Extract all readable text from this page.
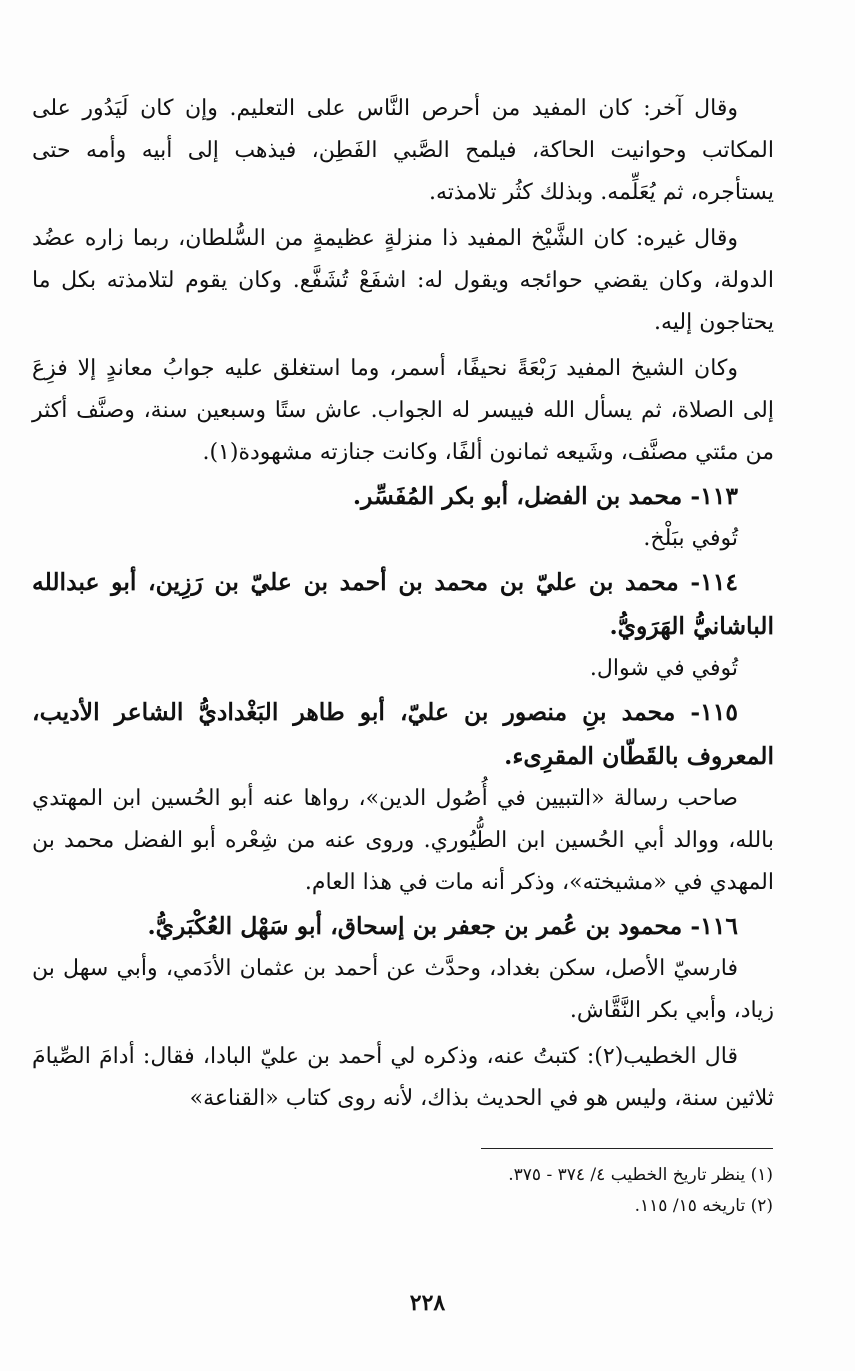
وقال آخر: كان المفيد من أحرص النَّاس على التعليم. وإن كان لَيَدُور على المكاتب وحوانيت الحاكة، فيلمح الصَّبي الفَطِن، فيذهب إلى أبيه وأمه حتى يستأجره، ثم يُعَلِّمه. وبذلك كثُر تلامذته.

وقال غيره: كان الشَّيْخ المفيد ذا منزلةٍ عظيمةٍ من السُّلطان، ربما زاره عضُد الدولة، وكان يقضي حوائجه ويقول له: اشفَعْ تُشَفَّع. وكان يقوم لتلامذته بكل ما يحتاجون إليه.

وكان الشيخ المفيد رَبْعَةً نحيفًا، أسمر، وما استغلق عليه جوابُ معاندٍ إلا فزِعَ إلى الصلاة، ثم يسأل الله فييسر له الجواب. عاش ستًا وسبعين سنة، وصنَّف أكثر من مئتي مصنَّف، وشَيعه ثمانون ألفًا، وكانت جنازته مشهودة(١).

١١٣- محمد بن الفضل، أبو بكر المُفَسِّر.

تُوفي ببَلْخ.

١١٤- محمد بن عليّ بن محمد بن أحمد بن عليّ بن رَزِين، أبو عبدالله الباشانيُّ الهَرَويُّ.

تُوفي في شوال.

١١٥- محمد بنِ منصور بن عليّ، أبو طاهر البَغْداديُّ الشاعر الأديب، المعروف بالقَطّان المقرِىء.

صاحب رسالة «التبيين في أُصُول الدين»، رواها عنه أبو الحُسين ابن المهتدي بالله، ووالد أبي الحُسين ابن الطُّيُوري. وروى عنه من شِعْره أبو الفضل محمد بن المهدي في «مشيخته»، وذكر أنه مات في هذا العام.

١١٦- محمود بن عُمر بن جعفر بن إسحاق، أبو سَهْل العُكْبَريُّ.

فارسيّ الأصل، سكن بغداد، وحدَّث عن أحمد بن عثمان الأدَمي، وأبي سهل بن زياد، وأبي بكر النَّقَّاش.

قال الخطيب(٢): كتبتُ عنه، وذكره لي أحمد بن عليّ البادا، فقال: أدامَ الصِّيامَ ثلاثين سنة، وليس هو في الحديث بذاك، لأنه روى كتاب «القناعة»

(١) ينظر تاريخ الخطيب ٤/ ٣٧٤ - ٣٧٥.

(٢) تاريخه ١٥/ ١١٥.

٢٢٨
